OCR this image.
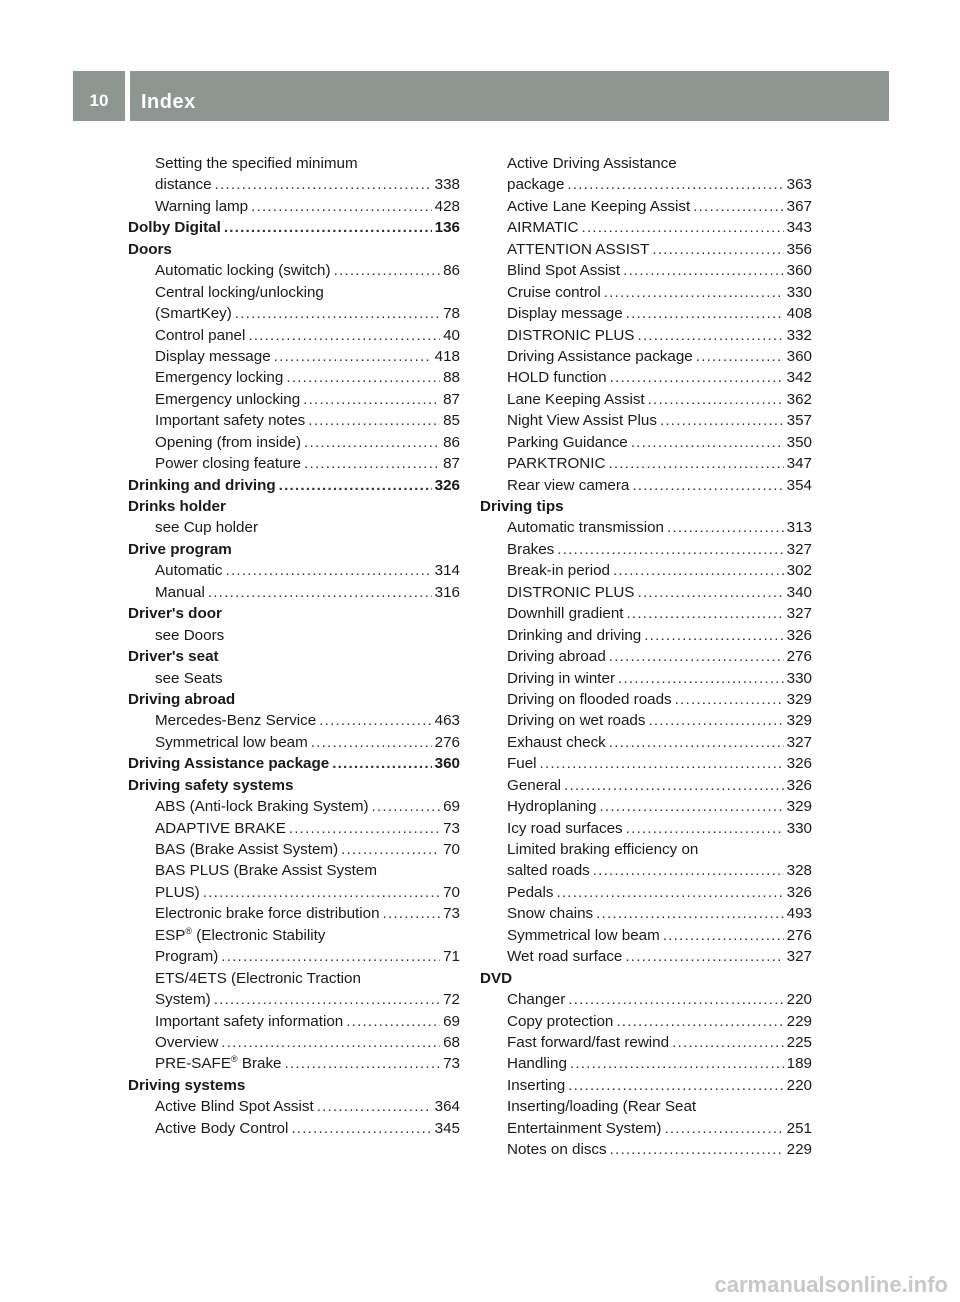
10	Index
Setting the specified minimum
distance .....	338
Warning lamp .....	428
Dolby Digital .....	136
Doors
Automatic locking (switch) .....	86
Central locking/unlocking
(SmartKey) .....	78
Control panel .....	40
Display message .....	418
Emergency locking .....	88
Emergency unlocking .....	87
Important safety notes .....	85
Opening (from inside) .....	86
Power closing feature .....	87
Drinking and driving .....	326
Drinks holder
see Cup holder
Drive program
Automatic .....	314
Manual .....	316
Driver's door
see Doors
Driver's seat
see Seats
Driving abroad
Mercedes-Benz Service .....	463
Symmetrical low beam .....	276
Driving Assistance package .....	360
Driving safety systems
ABS (Anti-lock Braking System) .....	69
ADAPTIVE BRAKE .....	73
BAS (Brake Assist System) .....	70
BAS PLUS (Brake Assist System
PLUS) .....	70
Electronic brake force distribution .....	73
ESP® (Electronic Stability
Program) .....	71
ETS/4ETS (Electronic Traction
System) .....	72
Important safety information .....	69
Overview .....	68
PRE-SAFE® Brake .....	73
Driving systems
Active Blind Spot Assist .....	364
Active Body Control .....	345
Active Driving Assistance
package .....	363
Active Lane Keeping Assist .....	367
AIRMATIC .....	343
ATTENTION ASSIST .....	356
Blind Spot Assist .....	360
Cruise control .....	330
Display message .....	408
DISTRONIC PLUS .....	332
Driving Assistance package .....	360
HOLD function .....	342
Lane Keeping Assist .....	362
Night View Assist Plus .....	357
Parking Guidance .....	350
PARKTRONIC .....	347
Rear view camera .....	354
Driving tips
Automatic transmission .....	313
Brakes .....	327
Break-in period .....	302
DISTRONIC PLUS .....	340
Downhill gradient .....	327
Drinking and driving .....	326
Driving abroad .....	276
Driving in winter .....	330
Driving on flooded roads .....	329
Driving on wet roads .....	329
Exhaust check .....	327
Fuel .....	326
General .....	326
Hydroplaning .....	329
Icy road surfaces .....	330
Limited braking efficiency on
salted roads .....	328
Pedals .....	326
Snow chains .....	493
Symmetrical low beam .....	276
Wet road surface .....	327
DVD
Changer .....	220
Copy protection .....	229
Fast forward/fast rewind .....	225
Handling .....	189
Inserting .....	220
Inserting/loading (Rear Seat
Entertainment System) .....	251
Notes on discs .....	229
carmanualsonline.info
